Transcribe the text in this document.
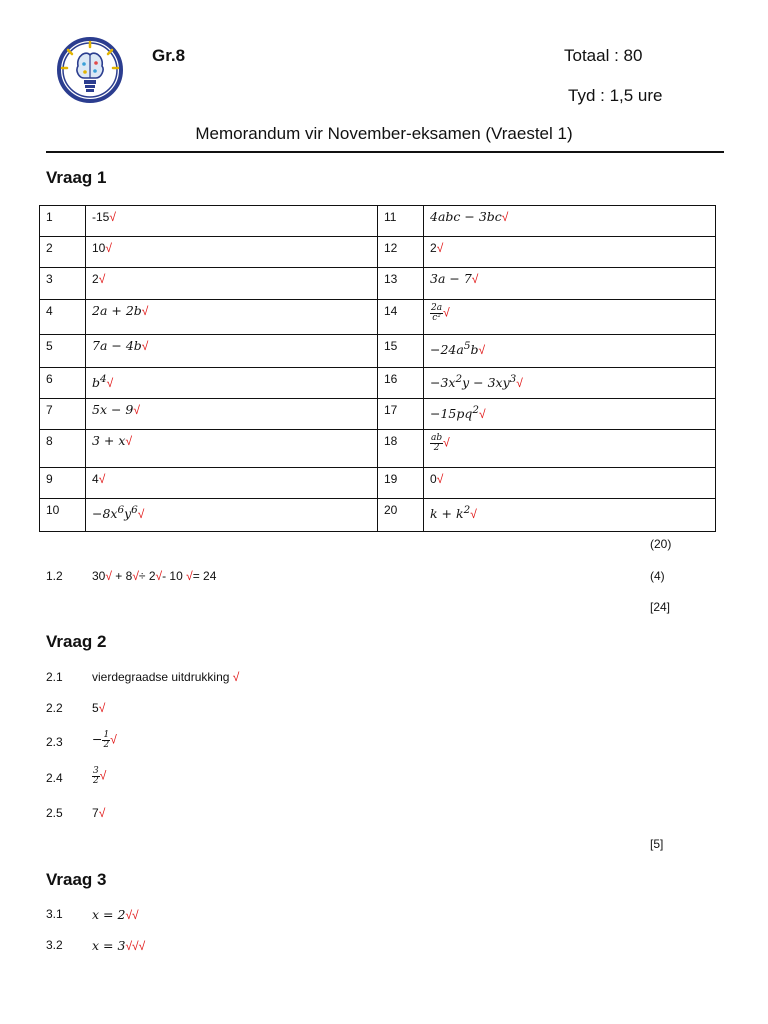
Gr.8	Totaal : 80
Tyd : 1,5 ure
Memorandum vir November-eksamen (Vraestel 1)
Vraag 1
1	-15√	11	4abc − 3bc√
2	10√	12	2√
3	2√	13	3a − 7√
4	2a + 2b√	14	$\frac{2a}{\text{c²}}$ √
5	7a − 4b√	15	$-24a^5b√$
6	$b^4√$	16	$-3x^2y - 3xy^3√$
7	5x − 9√	17	$-15pq^2√$
8	3 + x√	18	$\frac{ab}{2}$ √
9	4√	19	0√
10	$-8x^6y^6√$	20	$k + k^2√$
(20)
1.2 30√ + 8√÷ 2√- 10 √= 24	(4)
[24]
Vraag 2
2.1 vierdegraadse uitdrukking √
2.2 5√
$2.3 - \frac{1}{2}$ √
2.4	$\frac{3}{2}$ √
2.5 7√
[5]
Vraag 3
3.1 x = 2√√
3.2 x = 3√√√
